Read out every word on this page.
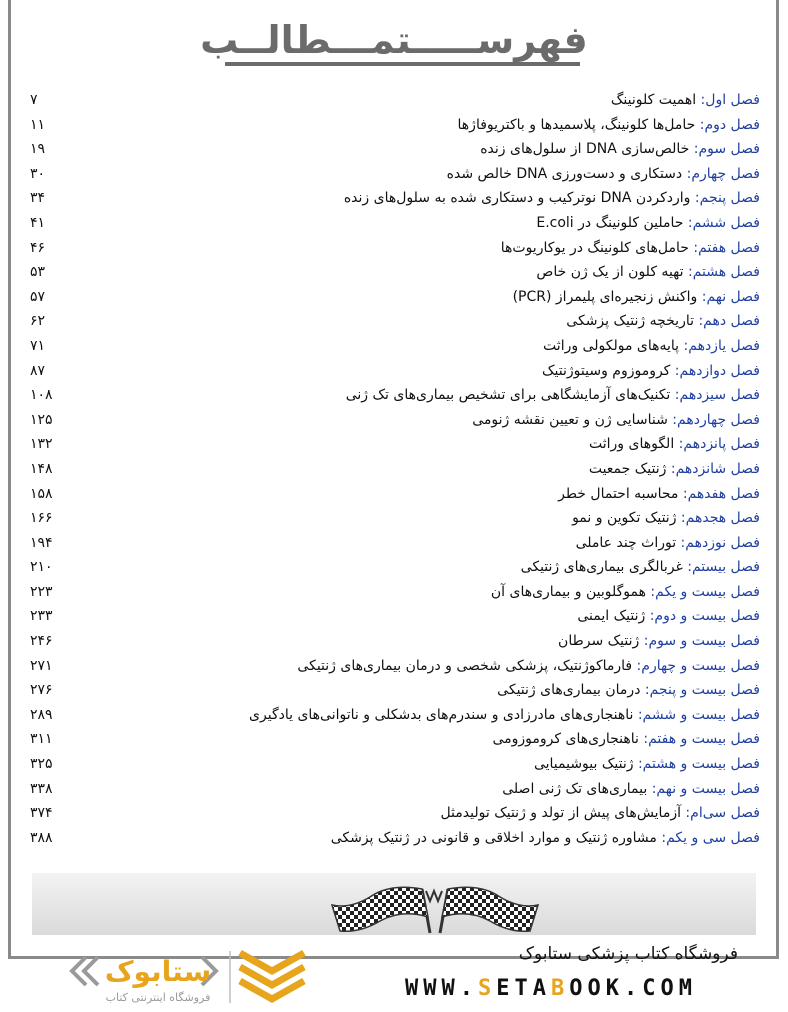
فهرســـــتمـــطالــب
فصل اول: اهمیت کلونینگ
۷
فصل دوم: حامل‌ها کلونینگ، پلاسمیدها و باکتریوفاژها
۱۱
فصل سوم: خالص‌سازی DNA از سلول‌های زنده
۱۹
فصل چهارم: دستکاری و دست‌ورزی DNA خالص شده
۳۰
فصل پنجم: واردکردن DNA نوترکیب و دستکاری شده به سلول‌های زنده
۳۴
فصل ششم: حاملین کلونینگ در E.coli
۴۱
فصل هفتم: حامل‌های کلونینگ در یوکاریوت‌ها
۴۶
فصل هشتم: تهیه کلون از یک ژن خاص
۵۳
فصل نهم: واکنش زنجیره‌ای پلیمراز (PCR)
۵۷
فصل دهم: تاریخچه ژنتیک پزشکی
۶۲
فصل یازدهم: پایه‌های مولکولی وراثت
۷۱
فصل دوازدهم: کروموزوم وسیتوژنتیک
۸۷
فصل سیزدهم: تکنیک‌های آزمایشگاهی برای تشخیص بیماری‌های تک ژنی
۱۰۸
فصل چهاردهم: شناسایی ژن و تعیین نقشه ژنومی
۱۲۵
فصل پانزدهم: الگوهای وراثت
۱۳۲
فصل شانزدهم: ژنتیک جمعیت
۱۴۸
فصل هفدهم: محاسبه احتمال خطر
۱۵۸
فصل هجدهم: ژنتیک تکوین و نمو
۱۶۶
فصل نوزدهم: توراث چند عاملی
۱۹۴
فصل بیستم: غربالگری بیماری‌های ژنتیکی
۲۱۰
فصل بیست و یکم: هموگلوبین و بیماری‌های آن
۲۲۳
فصل بیست و دوم: ژنتیک ایمنی
۲۳۳
فصل بیست و سوم: ژنتیک سرطان
۲۴۶
فصل بیست و چهارم: فارماکوژنتیک، پزشکی شخصی و درمان بیماری‌های ژنتیکی
۲۷۱
فصل بیست و پنجم: درمان بیماری‌های ژنتیکی
۲۷۶
فصل بیست و ششم: ناهنجاری‌های مادرزادی و سندرم‌های بدشکلی و ناتوانی‌های یادگیری
۲۸۹
فصل بیست و هفتم: ناهنجاری‌های کروموزومی
۳۱۱
فصل بیست و هشتم: ژنتیک بیوشیمیایی
۳۲۵
فصل بیست و نهم: بیماری‌های تک ژنی اصلی
۳۳۸
فصل سی‌ام: آزمایش‌های پیش از تولد و ژنتیک تولیدمثل
۳۷۴
فصل سی و یکم: مشاوره ژنتیک و موارد اخلاقی و قانونی در ژنتیک پزشکی
۳۸۸
فروشگاه کتاب پزشکی ستابوک
WWW.SETABOOK.COM
ستابوک
فروشگاه اینترنتی کتاب
